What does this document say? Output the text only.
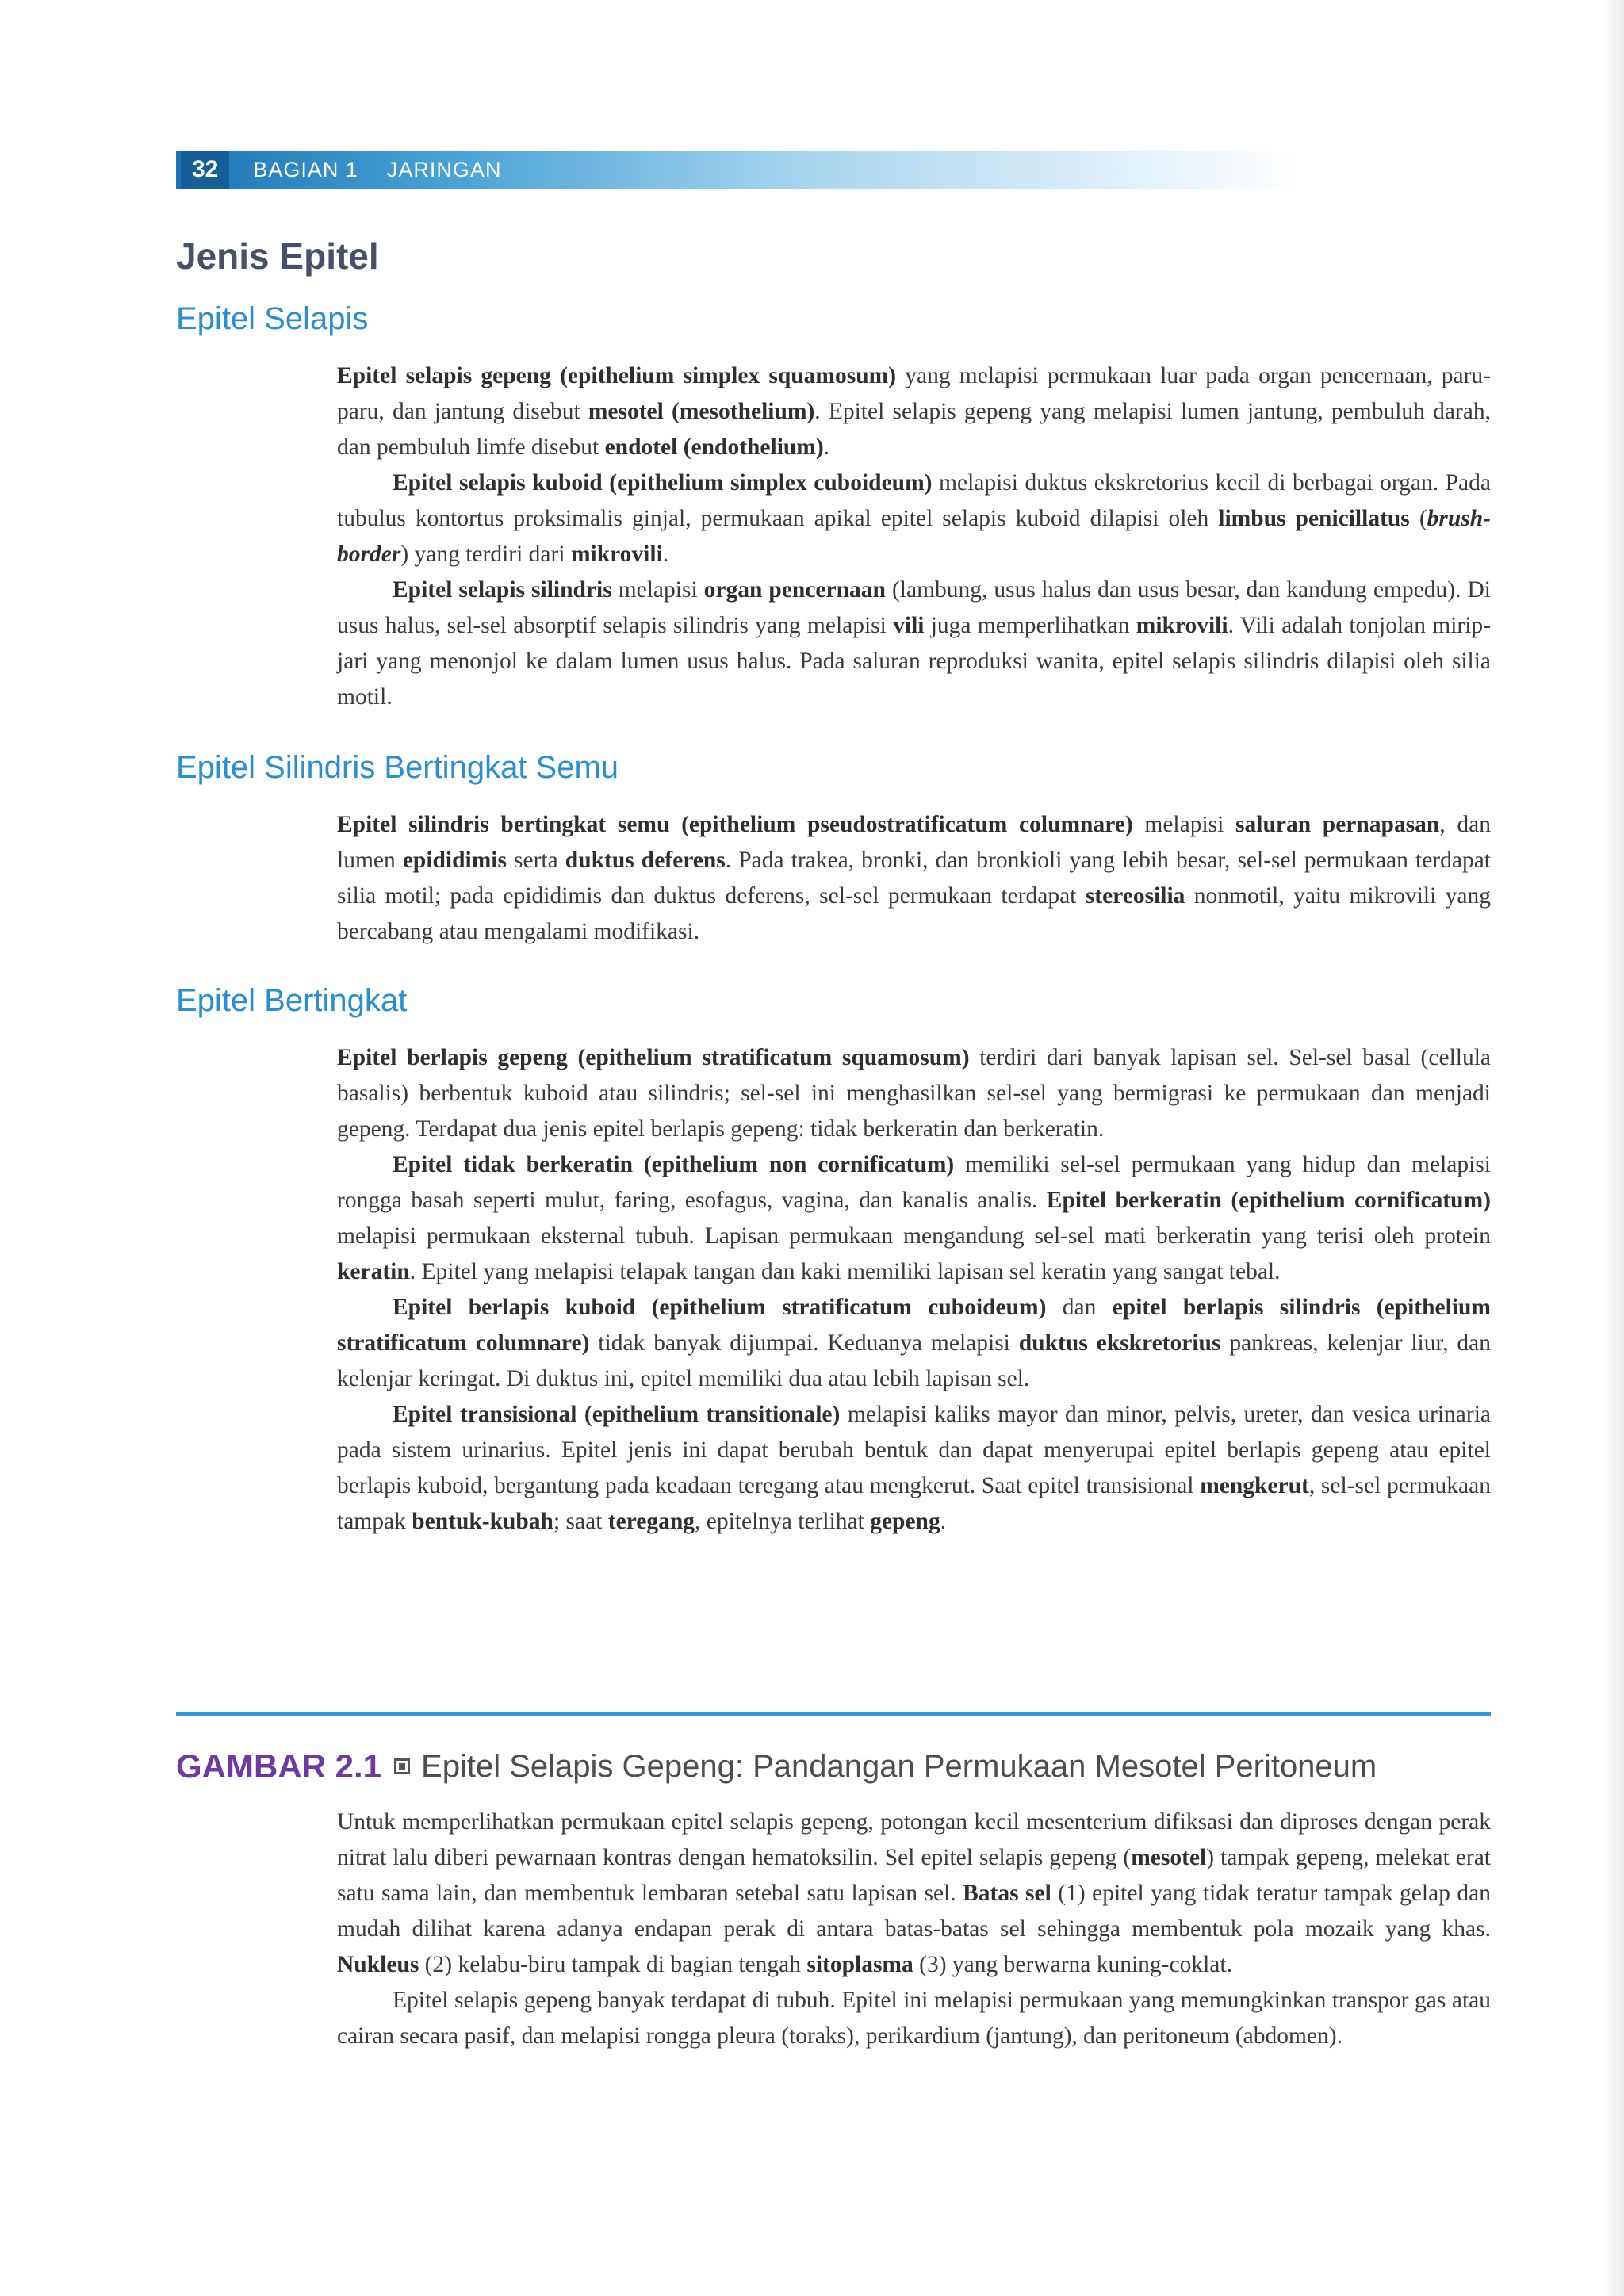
32	BAGIAN 1 JARINGAN
Jenis Epitel
Epitel Selapis

Epitel selapis gepeng (epithelium simplex squamosum) yang melapisi permukaan luar pada organ pencernaan, paru-paru, dan jantung disebut mesotel (mesothelium). Epitel selapis gepeng yang melapisi lumen jantung, pembuluh darah, dan pembuluh limfe disebut endotel (endothelium).

Epitel selapis kuboid (epithelium simplex cuboideum) melapisi duktus ekskretorius kecil di berbagai organ. Pada tubulus kontortus proksimalis ginjal, permukaan apikal epitel selapis kuboid dilapisi oleh limbus penicillatus (brush-border) yang terdiri dari mikrovili.

Epitel selapis silindris melapisi organ pencernaan (lambung, usus halus dan usus besar, dan kandung empedu). Di usus halus, sel-sel absorptif selapis silindris yang melapisi vili juga memperlihatkan mikrovili. Vili adalah tonjolan mirip-jari yang menonjol ke dalam lumen usus halus. Pada saluran reproduksi wanita, epitel selapis silindris dilapisi oleh silia motil.

Epitel Silindris Bertingkat Semu

Epitel silindris bertingkat semu (epithelium pseudostratificatum columnare) melapisi saluran pernapasan, dan lumen epididimis serta duktus deferens. Pada trakea, bronki, dan bronkioli yang lebih besar, sel-sel permukaan terdapat silia motil; pada epididimis dan duktus deferens, sel-sel permukaan terdapat stereosilia nonmotil, yaitu mikrovili yang bercabang atau mengalami modifikasi.

Epitel Bertingkat

Epitel berlapis gepeng (epithelium stratificatum squamosum) terdiri dari banyak lapisan sel. Sel-sel basal (cellula basalis) berbentuk kuboid atau silindris; sel-sel ini menghasilkan sel-sel yang bermigrasi ke permukaan dan menjadi gepeng. Terdapat dua jenis epitel berlapis gepeng: tidak berkeratin dan berkeratin.

Epitel tidak berkeratin (epithelium non cornificatum) memiliki sel-sel permukaan yang hidup dan melapisi rongga basah seperti mulut, faring, esofagus, vagina, dan kanalis analis. Epitel berkeratin (epithelium cornificatum) melapisi permukaan eksternal tubuh. Lapisan permukaan mengandung sel-sel mati berkeratin yang terisi oleh protein keratin. Epitel yang melapisi telapak tangan dan kaki memiliki lapisan sel keratin yang sangat tebal.

Epitel berlapis kuboid (epithelium stratificatum cuboideum) dan epitel berlapis silindris (epithelium stratificatum columnare) tidak banyak dijumpai. Keduanya melapisi duktus ekskretorius pankreas, kelenjar liur, dan kelenjar keringat. Di duktus ini, epitel memiliki dua atau lebih lapisan sel.

Epitel transisional (epithelium transitionale) melapisi kaliks mayor dan minor, pelvis, ureter, dan vesica urinaria pada sistem urinarius. Epitel jenis ini dapat berubah bentuk dan dapat menyerupai epitel berlapis gepeng atau epitel berlapis kuboid, bergantung pada keadaan teregang atau mengkerut. Saat epitel transisional mengkerut, sel-sel permukaan tampak bentuk-kubah; saat teregang, epitelnya terlihat gepeng.

GAMBAR 2.1 Epitel Selapis Gepeng: Pandangan Permukaan Mesotel Peritoneum

Untuk memperlihatkan permukaan epitel selapis gepeng, potongan kecil mesenterium difiksasi dan diproses dengan perak nitrat lalu diberi pewarnaan kontras dengan hematoksilin. Sel epitel selapis gepeng (mesotel) tampak gepeng, melekat erat satu sama lain, dan membentuk lembaran setebal satu lapisan sel. Batas sel (1) epitel yang tidak teratur tampak gelap dan mudah dilihat karena adanya endapan perak di antara batas-batas sel sehingga membentuk pola mozaik yang khas. Nukleus (2) kelabu-biru tampak di bagian tengah sitoplasma (3) yang berwarna kuning-coklat.

Epitel selapis gepeng banyak terdapat di tubuh. Epitel ini melapisi permukaan yang memungkinkan transpor gas atau cairan secara pasif, dan melapisi rongga pleura (toraks), perikardium (jantung), dan peritoneum (abdomen).
